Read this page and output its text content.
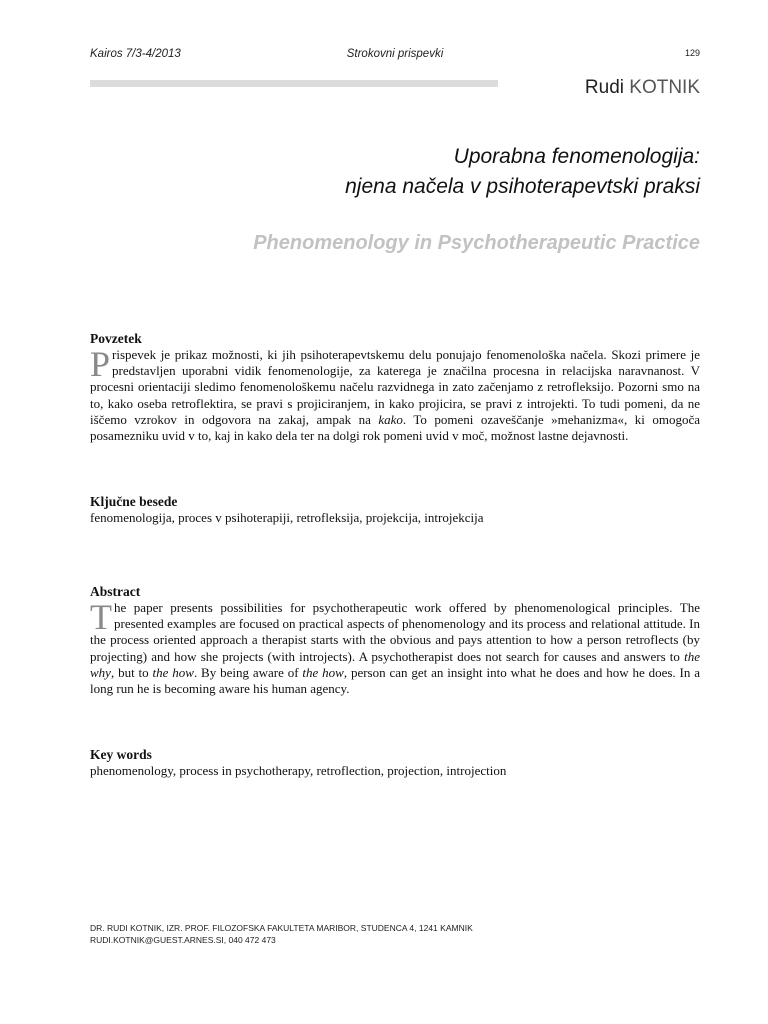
Kairos 7/3-4/2013	Strokovni prispevki	129
Rudi KOTNIK
Uporabna fenomenologija:
njena načela v psihoterapevtski praksi
Phenomenology in Psychotherapeutic Practice

Povzetek

Prispevek je prikaz možnosti, ki jih psihoterapevtskemu delu ponujajo fenomenološka načela. Skozi primere je predstavljen uporabni vidik fenomenologije, za katerega je značilna procesna in relacijska naravnanost. V procesni orientaciji sledimo fenomenološkemu načelu razvidnega in zato začenjamo z retrofleksijo. Pozorni smo na to, kako oseba retroflektira, se pravi s projiciranjem, in kako projicira, se pravi z introjekti. To tudi pomeni, da ne iščemo vzrokov in odgovora na zakaj, ampak na kako. To pomeni ozaveščanje »mehanizma«, ki omogoča posamezniku uvid v to, kaj in kako dela ter na dolgi rok pomeni uvid v moč, možnost lastne dejavnosti.

Ključne besede

fenomenologija, proces v psihoterapiji, retrofleksija, projekcija, introjekcija

Abstract

The paper presents possibilities for psychotherapeutic work offered by phenomenological principles. The presented examples are focused on practical aspects of phenomenology and its process and relational attitude. In the process oriented approach a therapist starts with the obvious and pays attention to how a person retroflects (by projecting) and how she projects (with introjects). A psychotherapist does not search for causes and answers to the why, but to the how. By being aware of the how, person can get an insight into what he does and how he does. In a long run he is becoming aware his human agency.

Key words

phenomenology, process in psychotherapy, retroflection, projection, introjection

DR. RUDI KOTNIK, IZR. PROF. FILOZOFSKA FAKULTETA MARIBOR, STUDENCA 4, 1241 KAMNIK
RUDI.KOTNIK@GUEST.ARNES.SI, 040 472 473
